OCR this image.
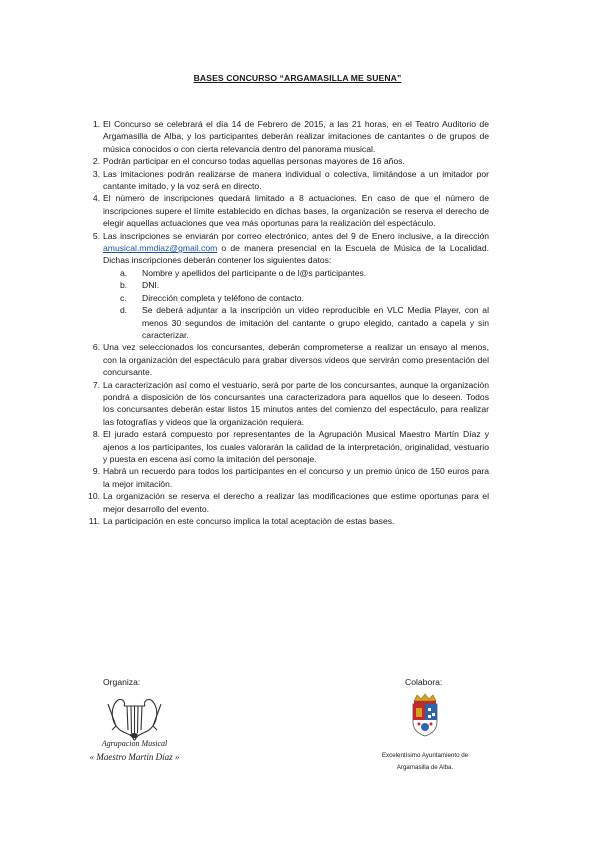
BASES CONCURSO “ARGAMASILLA ME SUENA”
1. El Concurso se celebrará el día 14 de Febrero de 2015, a las 21 horas, en el Teatro Auditorio de Argamasilla de Alba, y los participantes deberán realizar imitaciones de cantantes o de grupos de música conocidos o con cierta relevancia dentro del panorama musical.
2. Podrán participar en el concurso todas aquellas personas mayores de 16 años.
3. Las imitaciones podrán realizarse de manera individual o colectiva, limitándose a un imitador por cantante imitado, y la voz será en directo.
4. El número de inscripciones quedará limitado a 8 actuaciones. En caso de que el número de inscripciones supere el límite establecido en dichas bases, la organización se reserva el derecho de elegir aquellas actuaciones que vea más oportunas para la realización del espectáculo.
5. Las inscripciones se enviarán por correo electrónico, antes del 9 de Enero inclusive, a la dirección amusical.mmdiaz@gmail.com o de manera presencial en la Escuela de Música de la Localidad. Dichas inscripciones deberán contener los siguientes datos:
a. Nombre y apellidos del participante o de l@s participantes.
b. DNI.
c. Dirección completa y teléfono de contacto.
d. Se deberá adjuntar a la inscripción un video reproducible en VLC Media Player, con al menos 30 segundos de imitación del cantante o grupo elegido, cantado a capela y sin caracterizar.
6. Una vez seleccionados los concursantes, deberán comprometerse a realizar un ensayo al menos, con la organización del espectáculo para grabar diversos videos que servirán como presentación del concursante.
7. La caracterización así como el vestuario, será por parte de los concursantes, aunque la organización pondrá a disposición de los concursantes una caracterizadora para aquellos que lo deseen. Todos los concursantes deberán estar listos 15 minutos antes del comienzo del espectáculo, para realizar las fotografías y videos que la organización requiera.
8. El jurado estará compuesto por representantes de la Agrupación Musical Maestro Martín Díaz y ajenos a los participantes, los cuales valorarán la calidad de la interpretación, originalidad, vestuario y puesta en escena así como la imitación del personaje.
9. Habrá un recuerdo para todos los participantes en el concurso y un premio único de 150 euros para la mejor imitación.
10. La organización se reserva el derecho a realizar las modificaciones que estime oportunas para el mejor desarrollo del evento.
11. La participación en este concurso implica la total aceptación de estas bases.
Organiza:	Colabora:
Agrupación Musical
« Maestro Martín Díaz »	Excelentísimo Ayuntamiento de
Argamasilla de Alba.
